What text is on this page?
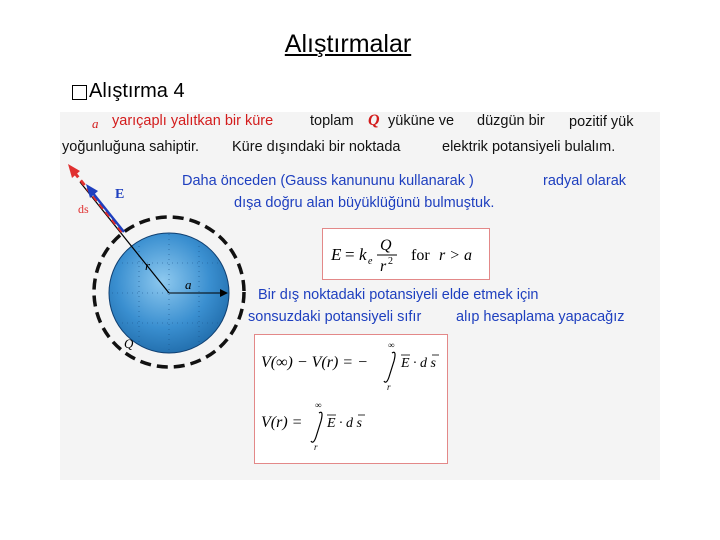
Alıştırmalar
Alıştırma 4
a yarıçaplı yalıtkan bir küre	toplam Q yüküne ve düzgün bir pozitif yük
yoğunluğuna sahiptir. Küre dışındaki bir noktada	elektrik potansiyeli bulalım.
Daha önceden (Gauss kanununu kullanarak )	radyal olarak
dışa doğru alan büyüklüğünü bulmuştuk.
E = k e
Q
r 2 for r > a
Bir dış noktadaki potansiyeli elde etmek için
sonsuzdaki potansiyeli sıfır alıp hesaplama yapacağız
V(∞) − V(r) = −
∞
r
E · d s
V(r) =
∞
r
E · d s
ds
E
r
a
Q
